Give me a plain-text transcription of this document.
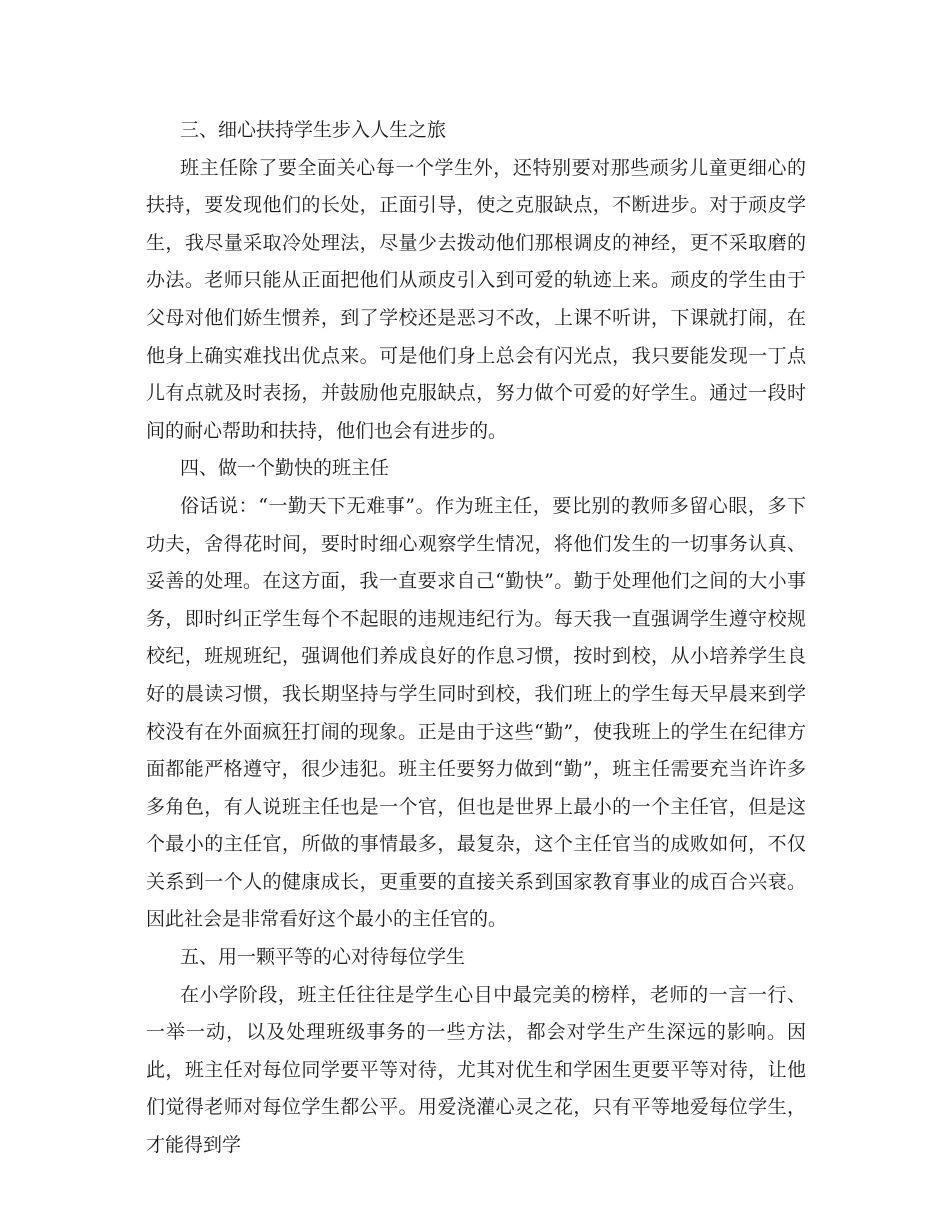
三、细心扶持学生步入人生之旅

班主任除了要全面关心每一个学生外，还特别要对那些顽劣儿童更细心的扶持，要发现他们的长处，正面引导，使之克服缺点，不断进步。对于顽皮学生，我尽量采取冷处理法，尽量少去拨动他们那根调皮的神经，更不采取磨的办法。老师只能从正面把他们从顽皮引入到可爱的轨迹上来。顽皮的学生由于父母对他们娇生惯养，到了学校还是恶习不改，上课不听讲，下课就打闹，在他身上确实难找出优点来。可是他们身上总会有闪光点，我只要能发现一丁点儿有点就及时表扬，并鼓励他克服缺点，努力做个可爱的好学生。通过一段时间的耐心帮助和扶持，他们也会有进步的。

四、做一个勤快的班主任

俗话说：“一勤天下无难事”。作为班主任，要比别的教师多留心眼，多下功夫，舍得花时间，要时时细心观察学生情况，将他们发生的一切事务认真、妥善的处理。在这方面，我一直要求自己“勤快”。勤于处理他们之间的大小事务，即时纠正学生每个不起眼的违规违纪行为。每天我一直强调学生遵守校规校纪，班规班纪，强调他们养成良好的作息习惯，按时到校，从小培养学生良好的晨读习惯，我长期坚持与学生同时到校，我们班上的学生每天早晨来到学校没有在外面疯狂打闹的现象。正是由于这些“勤”，使我班上的学生在纪律方面都能严格遵守，很少违犯。班主任要努力做到“勤”，班主任需要充当许许多多角色，有人说班主任也是一个官，但也是世界上最小的一个主任官，但是这个最小的主任官，所做的事情最多，最复杂，这个主任官当的成败如何，不仅关系到一个人的健康成长，更重要的直接关系到国家教育事业的成百合兴衰。因此社会是非常看好这个最小的主任官的。

五、用一颗平等的心对待每位学生

在小学阶段，班主任往往是学生心目中最完美的榜样，老师的一言一行、一举一动，以及处理班级事务的一些方法，都会对学生产生深远的影响。因此，班主任对每位同学要平等对待，尤其对优生和学困生更要平等对待，让他们觉得老师对每位学生都公平。用爱浇灌心灵之花，只有平等地爱每位学生，才能得到学
